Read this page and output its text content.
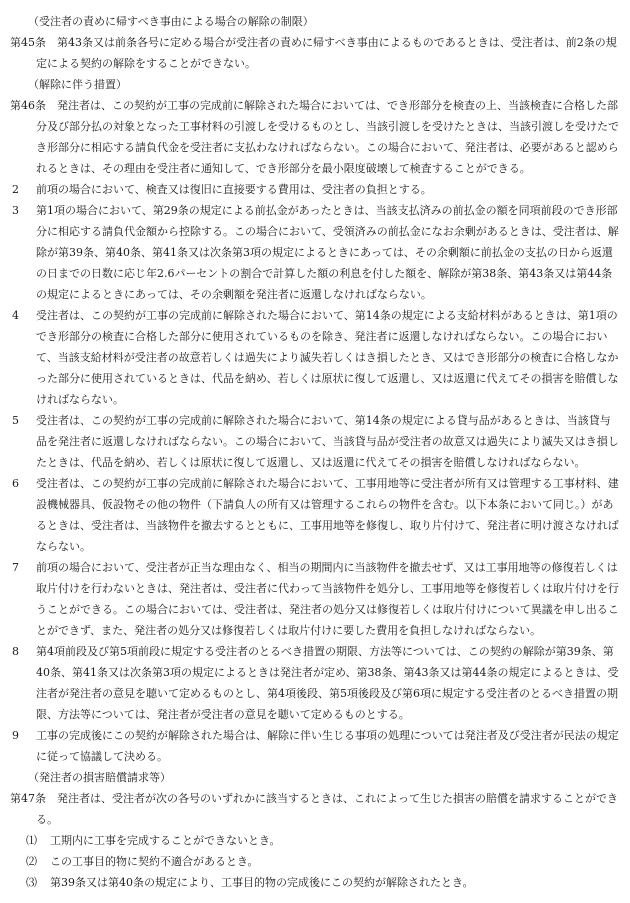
（受注者の責めに帰すべき事由による場合の解除の制限）
第45条　 第43条又は前条各号に定める場合が受注者の責めに帰すべき事由によるものであるときは、受注者は、前2条の規定による契約の解除をすることができない。
（解除に伴う措置）
第46条　 発注者は、この契約が工事の完成前に解除された場合においては、でき形部分を検査の上、当該検査に合格した部分及び部分払の対象となった工事材料の引渡しを受けるものとし、当該引渡しを受けたときは、当該引渡しを受けたでき形部分に相応する請負代金を受注者に支払わなければならない。この場合において、発注者は、必要があると認められるときは、その理由を受注者に通知して、でき形部分を最小限度破壊して検査することができる。
2 前項の場合において、検査又は復旧に直接要する費用は、受注者の負担とする。
3 第1項の場合において、第29条の規定による前払金があったときは、当該支払済みの前払金の額を同項前段のでき形部分に相応する請負代金額から控除する。この場合において、受領済みの前払金になお余剰があるときは、受注者は、解除が第39条、第40条、第41条又は次条第3項の規定によるときにあっては、その余剰額に前払金の支払の日から返還の日までの日数に応じ年2.6パーセントの割合で計算した額の利息を付した額を、解除が第38条、第43条又は第44条の規定によるときにあっては、その余剰額を発注者に返還しなければならない。
4 受注者は、この契約が工事の完成前に解除された場合において、第14条の規定による支給材料があるときは、第1項のでき形部分の検査に合格した部分に使用されているものを除き、発注者に返還しなければならない。この場合において、当該支給材料が受注者の故意若しくは過失により滅失若しくはき損したとき、又はでき形部分の検査に合格しなかった部分に使用されているときは、代品を納め、若しくは原状に復して返還し、又は返還に代えてその損害を賠償しなければならない。
5 受注者は、この契約が工事の完成前に解除された場合において、第14条の規定による貸与品があるときは、当該貸与品を発注者に返還しなければならない。この場合において、当該貸与品が受注者の故意又は過失により滅失又はき損したときは、代品を納め、若しくは原状に復して返還し、又は返還に代えてその損害を賠償しなければならない。
6 受注者は、この契約が工事の完成前に解除された場合において、工事用地等に受注者が所有又は管理する工事材料、建設機械器具、仮設物その他の物件（下請負人の所有又は管理するこれらの物件を含む。以下本条において同じ。）があるときは、受注者は、当該物件を撤去するとともに、工事用地等を修復し、取り片付けて、発注者に明け渡さなければならない。
7 前項の場合において、受注者が正当な理由なく、相当の期間内に当該物件を撤去せず、又は工事用地等の修復若しくは取片付けを行わないときは、発注者は、受注者に代わって当該物件を処分し、工事用地等を修復若しくは取片付けを行うことができる。この場合においては、受注者は、発注者の処分又は修復若しくは取片付けについて異議を申し出ることができず、また、発注者の処分又は修復若しくは取片付けに要した費用を負担しなければならない。
8 第4項前段及び第5項前段に規定する受注者のとるべき措置の期限、方法等については、この契約の解除が第39条、第40条、第41条又は次条第3項の規定によるときは発注者が定め、第38条、第43条又は第44条の規定によるときは、受注者が発注者の意見を聴いて定めるものとし、第4項後段、第5項後段及び第6項に規定する受注者のとるべき措置の期限、方法等については、発注者が受注者の意見を聴いて定めるものとする。
9 工事の完成後にこの契約が解除された場合は、解除に伴い生じる事項の処理については発注者及び受注者が民法の規定に従って協議して決める。
（発注者の損害賠償請求等）
第47条　 発注者は、受注者が次の各号のいずれかに該当するときは、これによって生じた損害の賠償を請求することができる。
⑴ 工期内に工事を完成することができないとき。
⑵ この工事目的物に契約不適合があるとき。
⑶ 第39条又は第40条の規定により、工事目的物の完成後にこの契約が解除されたとき。
